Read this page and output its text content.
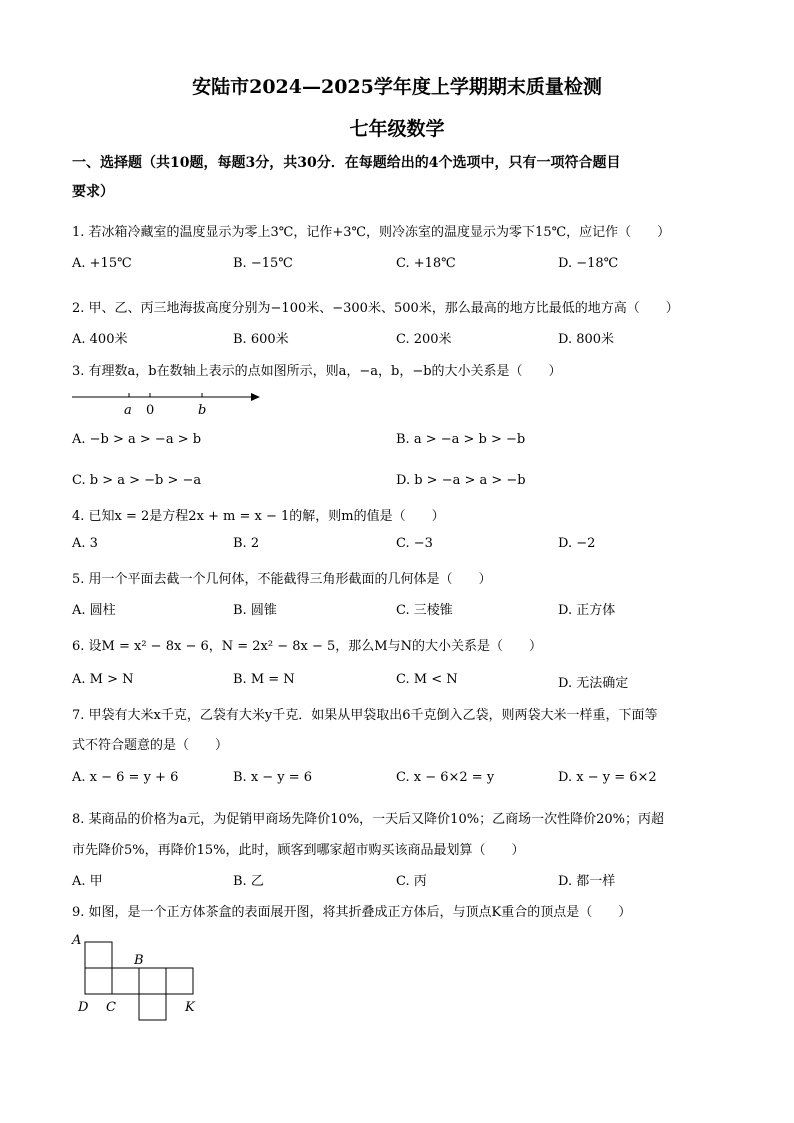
安陆市2024—2025学年度上学期期末质量检测
七年级数学
一、选择题（共10题，每题3分，共30分．在每题给出的4个选项中，只有一项符合题目
要求）
1. 若冰箱冷藏室的温度显示为零上3℃，记作+3℃，则冷冻室的温度显示为零下15℃，应记作（　　）
A. +15℃	B. −15℃	C. +18℃	D. −18℃
2. 甲、乙、丙三地海拔高度分别为−100米、−300米、500米，那么最高的地方比最低的地方高（　　）
A. 400米	B. 600米	C. 200米	D. 800米
3. 有理数a，b在数轴上表示的点如图所示，则a，−a，b，−b的大小关系是（　　）
a 0	b
A. −b > a > −a > b	B. a > −a > b > −b
C. b > a > −b > −a	D. b > −a > a > −b
4. 已知x = 2是方程2x + m = x − 1的解，则m的值是（　　）
A. 3	B. 2	C. −3	D. −2
5. 用一个平面去截一个几何体，不能截得三角形截面的几何体是（　　）
A. 圆柱	B. 圆锥	C. 三棱锥	D. 正方体
6. 设M = x² − 8x − 6，N = 2x² − 8x − 5，那么M与N的大小关系是（　　）
A. M > N	B. M = N	C. M < N	D. 无法确定
7. 甲袋有大米x千克，乙袋有大米y千克．如果从甲袋取出6千克倒入乙袋，则两袋大米一样重，下面等
式不符合题意的是（　　）
A. x − 6 = y + 6	B. x − y = 6	C. x − 6×2 = y	D. x − y = 6×2
8. 某商品的价格为a元，为促销甲商场先降价10%，一天后又降价10%；乙商场一次性降价20%；丙超
市先降价5%，再降价15%，此时，顾客到哪家超市购买该商品最划算（　　）
A. 甲	B. 乙	C. 丙	D. 都一样
9. 如图，是一个正方体茶盒的表面展开图，将其折叠成正方体后，与顶点K重合的顶点是（　　）
A
B
D C	K
